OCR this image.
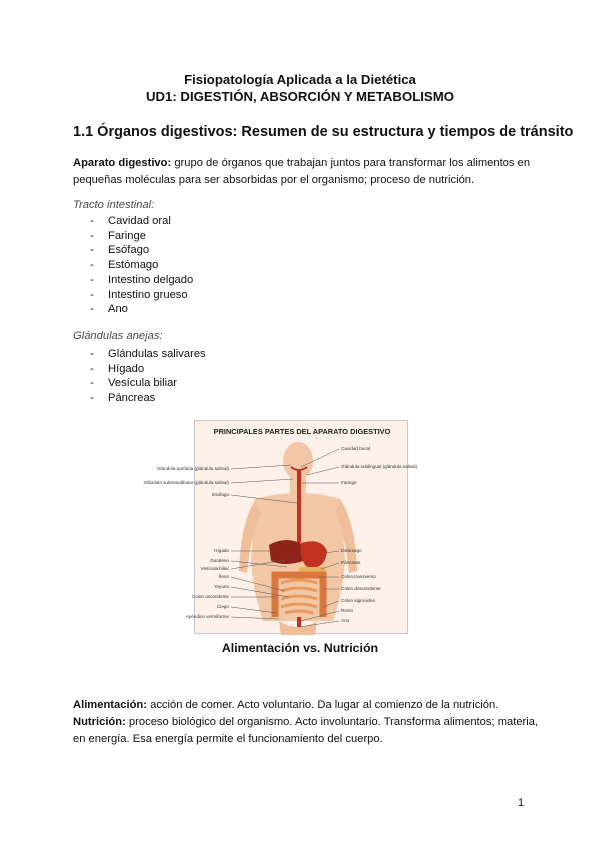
Fisiopatología Aplicada a la Dietética
UD1: DIGESTIÓN, ABSORCIÓN Y METABOLISMO
1.1 Órganos digestivos: Resumen de su estructura y tiempos de tránsito
Aparato digestivo: grupo de órganos que trabajan juntos para transformar los alimentos en pequeñas moléculas para ser absorbidas por el organismo; proceso de nutrición.
Tracto intestinal:
- Cavidad oral
- Faringe
- Esófago
- Estómago
- Intestino delgado
- Intestino grueso
- Ano
Glándulas anejas:
- Glándulas salivares
- Hígado
- Vesícula biliar
- Páncreas
PRINCIPALES PARTES DEL APARATO DIGESTIVO
Glándula parótida (glándula salival)
Glándula submandibular (glándula salival)
Esófago
Hígado
Duodeno
Vesícula biliar
Íleon
Yeyuno
Colon ascendente
Ciego
Apéndice vermiforme
Cavidad bucal
Glándula sublingual (glándula salival)
Faringe
Estómago
Páncreas
Colon transverso
Colon descendente
Colon sigmoideo
Recto
Ano
Alimentación vs. Nutrición
Alimentación: acción de comer. Acto voluntario. Da lugar al comienzo de la nutrición.
Nutrición: proceso biológico del organismo. Acto involuntario. Transforma alimentos; materia, en energía. Esa energía permite el funcionamiento del cuerpo.
1
